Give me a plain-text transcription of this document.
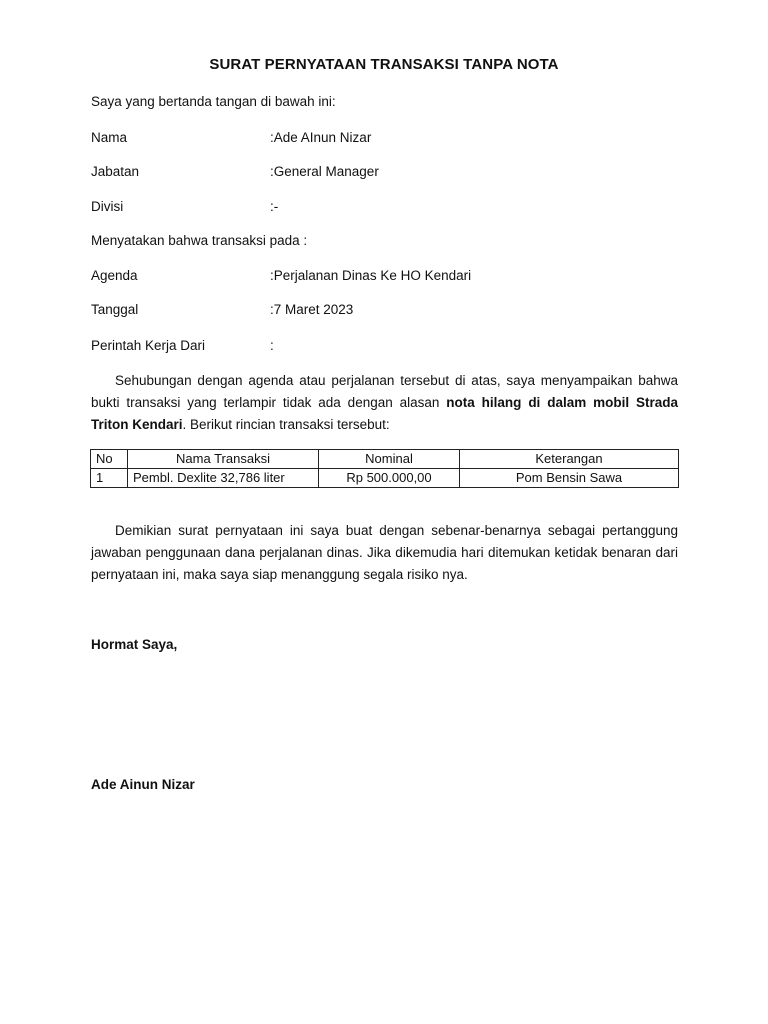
SURAT PERNYATAAN TRANSAKSI TANPA NOTA
Saya yang bertanda tangan di bawah ini:
Nama	:Ade AInun Nizar
Jabatan	:General Manager
Divisi	:-
Menyatakan bahwa transaksi pada :
Agenda	:Perjalanan Dinas Ke HO Kendari
Tanggal	:7 Maret 2023
Perintah Kerja Dari	:
Sehubungan dengan agenda atau perjalanan tersebut di atas, saya menyampaikan bahwa bukti transaksi yang terlampir tidak ada dengan alasan nota hilang di dalam mobil Strada Triton Kendari. Berikut rincian transaksi tersebut:
No	Nama Transaksi	Nominal	Keterangan
1	Pembl. Dexlite 32,786 liter	Rp 500.000,00	Pom Bensin Sawa
Demikian surat pernyataan ini saya buat dengan sebenar-benarnya sebagai pertanggung jawaban penggunaan dana perjalanan dinas. Jika dikemudia hari ditemukan ketidak benaran dari pernyataan ini, maka saya siap menanggung segala risiko nya.
Hormat Saya,
Ade Ainun Nizar
